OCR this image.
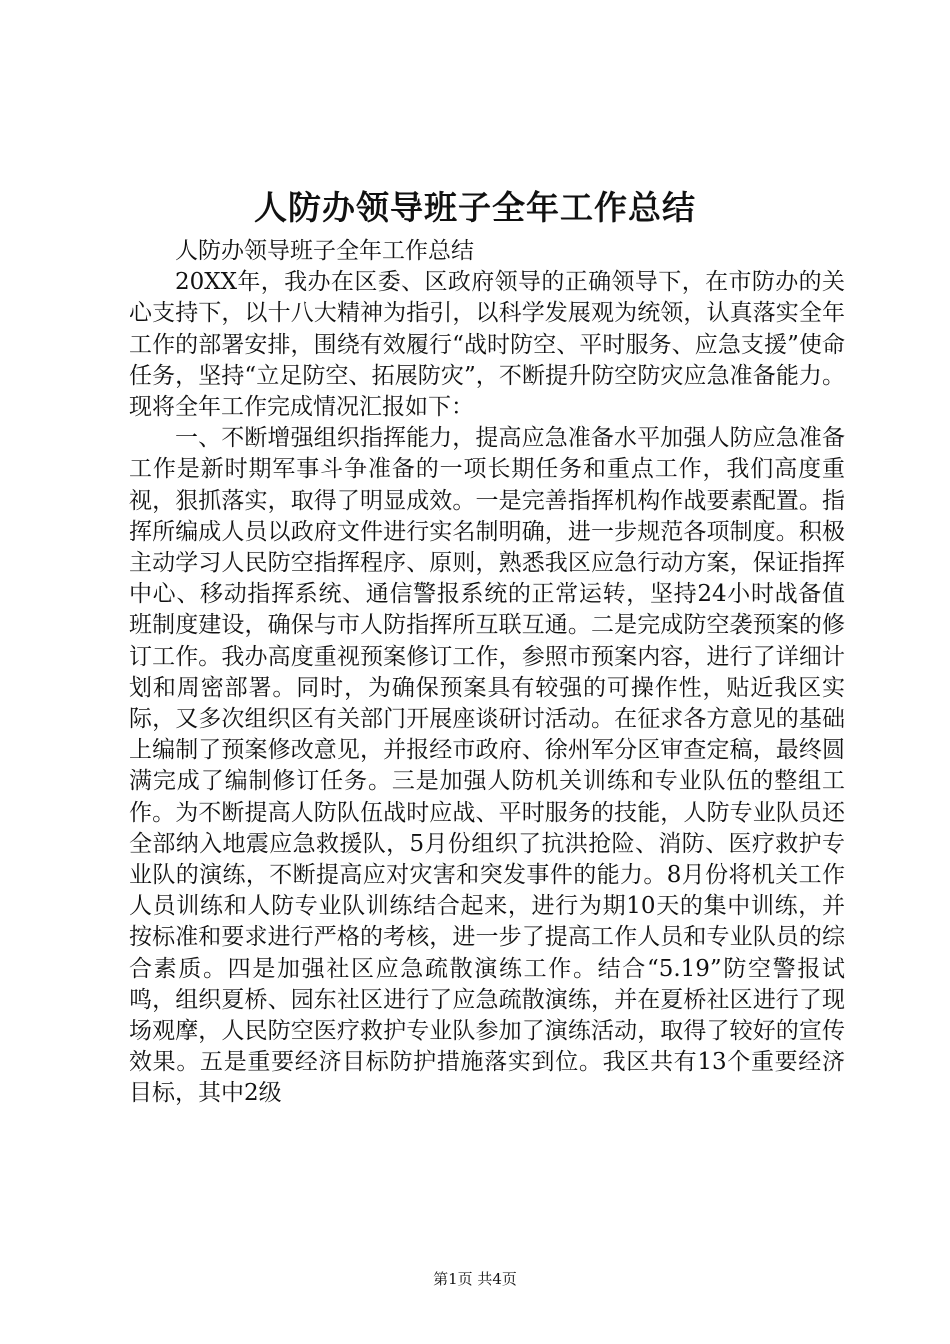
人防办领导班子全年工作总结

人防办领导班子全年工作总结

20XX年，我办在区委、区政府领导的正确领导下，在市防办的关心支持下，以十八大精神为指引，以科学发展观为统领，认真落实全年工作的部署安排，围绕有效履行“战时防空、平时服务、应急支援”使命任务，坚持“立足防空、拓展防灾”，不断提升防空防灾应急准备能力。现将全年工作完成情况汇报如下：

一、不断增强组织指挥能力，提高应急准备水平加强人防应急准备工作是新时期军事斗争准备的一项长期任务和重点工作，我们高度重视，狠抓落实，取得了明显成效。一是完善指挥机构作战要素配置。指挥所编成人员以政府文件进行实名制明确，进一步规范各项制度。积极主动学习人民防空指挥程序、原则，熟悉我区应急行动方案，保证指挥中心、移动指挥系统、通信警报系统的正常运转，坚持24小时战备值班制度建设，确保与市人防指挥所互联互通。二是完成防空袭预案的修订工作。我办高度重视预案修订工作，参照市预案内容，进行了详细计划和周密部署。同时，为确保预案具有较强的可操作性，贴近我区实际，又多次组织区有关部门开展座谈研讨活动。在征求各方意见的基础上编制了预案修改意见，并报经市政府、徐州军分区审查定稿，最终圆满完成了编制修订任务。三是加强人防机关训练和专业队伍的整组工作。为不断提高人防队伍战时应战、平时服务的技能，人防专业队员还全部纳入地震应急救援队，5月份组织了抗洪抢险、消防、医疗救护专业队的演练，不断提高应对灾害和突发事件的能力。8月份将机关工作人员训练和人防专业队训练结合起来，进行为期10天的集中训练，并按标准和要求进行严格的考核，进一步了提高工作人员和专业队员的综合素质。四是加强社区应急疏散演练工作。结合“5.19”防空警报试鸣，组织夏桥、园东社区进行了应急疏散演练，并在夏桥社区进行了现场观摩，人民防空医疗救护专业队参加了演练活动，取得了较好的宣传效果。五是重要经济目标防护措施落实到位。我区共有13个重要经济目标，其中2级

第1页 共4页
